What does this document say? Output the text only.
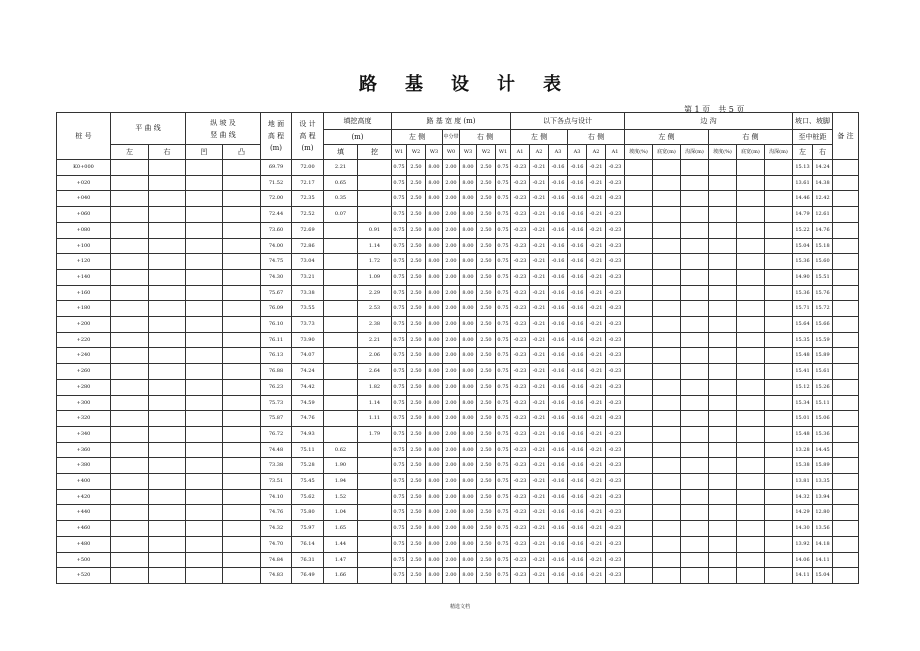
路 基 设 计 表
第 1 页 共 5 页
桩 号	平 曲 线		纵 坡 及
竖 曲 线		地 面
高 程
(m)	设 计
高 程
(m)	填挖高度		路 基 宽 度 (m)							以下各点与设计						边 沟						坡口、坡脚		备 注
							(m)		左 侧			中分带	右 侧			左 侧			右 侧			左 侧			右 侧			至中桩距		
	左	右	凹	凸			填	挖	W1	W2	W3	W0	W3	W2	W1	A1	A2	A3	A3	A2	A1	坡度(%)	底宽(m)	沟深(m)	坡度(%)	底宽(m)	沟深(m)	左	右	
K0+000					69.79	72.00	2.21		0.75	2.50	8.00	2.00	8.00	2.50	0.75	-0.23	-0.21	-0.16	-0.16	-0.21	-0.23							15.13	14.24	
+020					71.52	72.17	0.65		0.75	2.50	8.00	2.00	8.00	2.50	0.75	-0.23	-0.21	-0.16	-0.16	-0.21	-0.23							13.61	14.38	
+040					72.00	72.35	0.35		0.75	2.50	8.00	2.00	8.00	2.50	0.75	-0.23	-0.21	-0.16	-0.16	-0.21	-0.23							14.46	12.42	
+060					72.44	72.52	0.07		0.75	2.50	8.00	2.00	8.00	2.50	0.75	-0.23	-0.21	-0.16	-0.16	-0.21	-0.23							14.79	12.61	
+080					73.60	72.69		0.91	0.75	2.50	8.00	2.00	8.00	2.50	0.75	-0.23	-0.21	-0.16	-0.16	-0.21	-0.23							15.22	14.76	
+100					74.00	72.86		1.14	0.75	2.50	8.00	2.00	8.00	2.50	0.75	-0.23	-0.21	-0.16	-0.16	-0.21	-0.23							15.04	15.18	
+120					74.75	73.04		1.72	0.75	2.50	8.00	2.00	8.00	2.50	0.75	-0.23	-0.21	-0.16	-0.16	-0.21	-0.23							15.36	15.60	
+140					74.30	73.21		1.09	0.75	2.50	8.00	2.00	8.00	2.50	0.75	-0.23	-0.21	-0.16	-0.16	-0.21	-0.23							14.90	15.51	
+160					75.67	73.38		2.29	0.75	2.50	8.00	2.00	8.00	2.50	0.75	-0.23	-0.21	-0.16	-0.16	-0.21	-0.23							15.36	15.76	
+180					76.09	73.55		2.53	0.75	2.50	8.00	2.00	8.00	2.50	0.75	-0.23	-0.21	-0.16	-0.16	-0.21	-0.23							15.71	15.72	
+200					76.10	73.73		2.38	0.75	2.50	8.00	2.00	8.00	2.50	0.75	-0.23	-0.21	-0.16	-0.16	-0.21	-0.23							15.64	15.66	
+220					76.11	73.90		2.21	0.75	2.50	8.00	2.00	8.00	2.50	0.75	-0.23	-0.21	-0.16	-0.16	-0.21	-0.23							15.35	15.59	
+240					76.13	74.07		2.06	0.75	2.50	8.00	2.00	8.00	2.50	0.75	-0.23	-0.21	-0.16	-0.16	-0.21	-0.23							15.48	15.89	
+260					76.88	74.24		2.64	0.75	2.50	8.00	2.00	8.00	2.50	0.75	-0.23	-0.21	-0.16	-0.16	-0.21	-0.23							15.41	15.61	
+280					76.23	74.42		1.82	0.75	2.50	8.00	2.00	8.00	2.50	0.75	-0.23	-0.21	-0.16	-0.16	-0.21	-0.23							15.12	15.26	
+300					75.73	74.59		1.14	0.75	2.50	8.00	2.00	8.00	2.50	0.75	-0.23	-0.21	-0.16	-0.16	-0.21	-0.23							15.34	15.11	
+320					75.87	74.76		1.11	0.75	2.50	8.00	2.00	8.00	2.50	0.75	-0.23	-0.21	-0.16	-0.16	-0.21	-0.23							15.01	15.06	
+340					76.72	74.93		1.79	0.75	2.50	8.00	2.00	8.00	2.50	0.75	-0.23	-0.21	-0.16	-0.16	-0.21	-0.23							15.48	15.36	
+360					74.48	75.11	0.62		0.75	2.50	8.00	2.00	8.00	2.50	0.75	-0.23	-0.21	-0.16	-0.16	-0.21	-0.23							13.28	14.45	
+380					73.38	75.28	1.90		0.75	2.50	8.00	2.00	8.00	2.50	0.75	-0.23	-0.21	-0.16	-0.16	-0.21	-0.23							15.38	15.89	
+400					73.51	75.45	1.94		0.75	2.50	8.00	2.00	8.00	2.50	0.75	-0.23	-0.21	-0.16	-0.16	-0.21	-0.23							13.81	13.35	
+420					74.10	75.62	1.52		0.75	2.50	8.00	2.00	8.00	2.50	0.75	-0.23	-0.21	-0.16	-0.16	-0.21	-0.23							14.32	13.94	
+440					74.76	75.80	1.04		0.75	2.50	8.00	2.00	8.00	2.50	0.75	-0.23	-0.21	-0.16	-0.16	-0.21	-0.23							14.29	12.80	
+460					74.32	75.97	1.65		0.75	2.50	8.00	2.00	8.00	2.50	0.75	-0.23	-0.21	-0.16	-0.16	-0.21	-0.23							14.30	13.56	
+480					74.70	76.14	1.44		0.75	2.50	8.00	2.00	8.00	2.50	0.75	-0.23	-0.21	-0.16	-0.16	-0.21	-0.23							13.92	14.18	
+500					74.84	76.31	1.47		0.75	2.50	8.00	2.00	8.00	2.50	0.75	-0.23	-0.21	-0.16	-0.16	-0.21	-0.23							14.06	14.11	
+520					74.83	76.49	1.66		0.75	2.50	8.00	2.00	8.00	2.50	0.75	-0.23	-0.21	-0.16	-0.16	-0.21	-0.23							14.11	15.04	
精选文档
